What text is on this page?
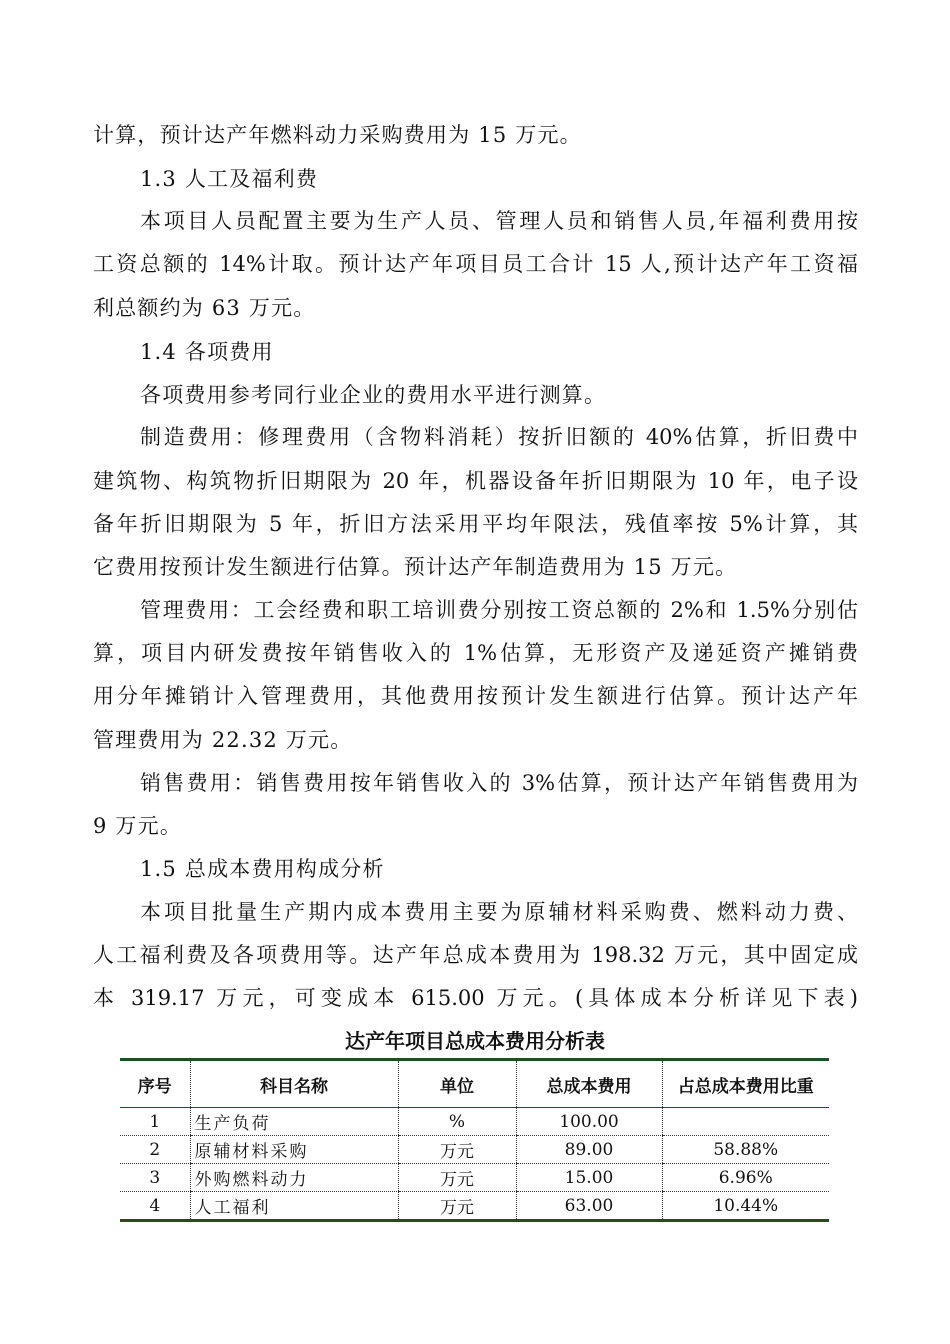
计算，预计达产年燃料动力采购费用为 15 万元。
1.3 人工及福利费
本项目人员配置主要为生产人员、管理人员和销售人员,年福利费用按
工资总额的 14%计取。预计达产年项目员工合计 15 人,预计达产年工资福
利总额约为 63 万元。
1.4 各项费用
各项费用参考同行业企业的费用水平进行测算。
制造费用：修理费用（含物料消耗）按折旧额的 40%估算，折旧费中
建筑物、构筑物折旧期限为 20 年，机器设备年折旧期限为 10 年，电子设
备年折旧期限为 5 年，折旧方法采用平均年限法，残值率按 5%计算，其
它费用按预计发生额进行估算。预计达产年制造费用为 15 万元。
管理费用：工会经费和职工培训费分别按工资总额的 2%和 1.5%分别估
算，项目内研发费按年销售收入的 1%估算，无形资产及递延资产摊销费
用分年摊销计入管理费用，其他费用按预计发生额进行估算。预计达产年
管理费用为 22.32 万元。
销售费用：销售费用按年销售收入的 3%估算，预计达产年销售费用为
9 万元。
1.5 总成本费用构成分析
本项目批量生产期内成本费用主要为原辅材料采购费、燃料动力费、
人工福利费及各项费用等。达产年总成本费用为 198.32 万元，其中固定成
本 319.17 万元，可变成本 615.00 万元。(具体成本分析详见下表)
达产年项目总成本费用分析表
序号	科目名称	单位	总成本费用	占总成本费用比重
1	生产负荷	%	100.00	
2	原辅材料采购	万元	89.00	58.88%
3	外购燃料动力	万元	15.00	6.96%
4	人工福利	万元	63.00	10.44%
